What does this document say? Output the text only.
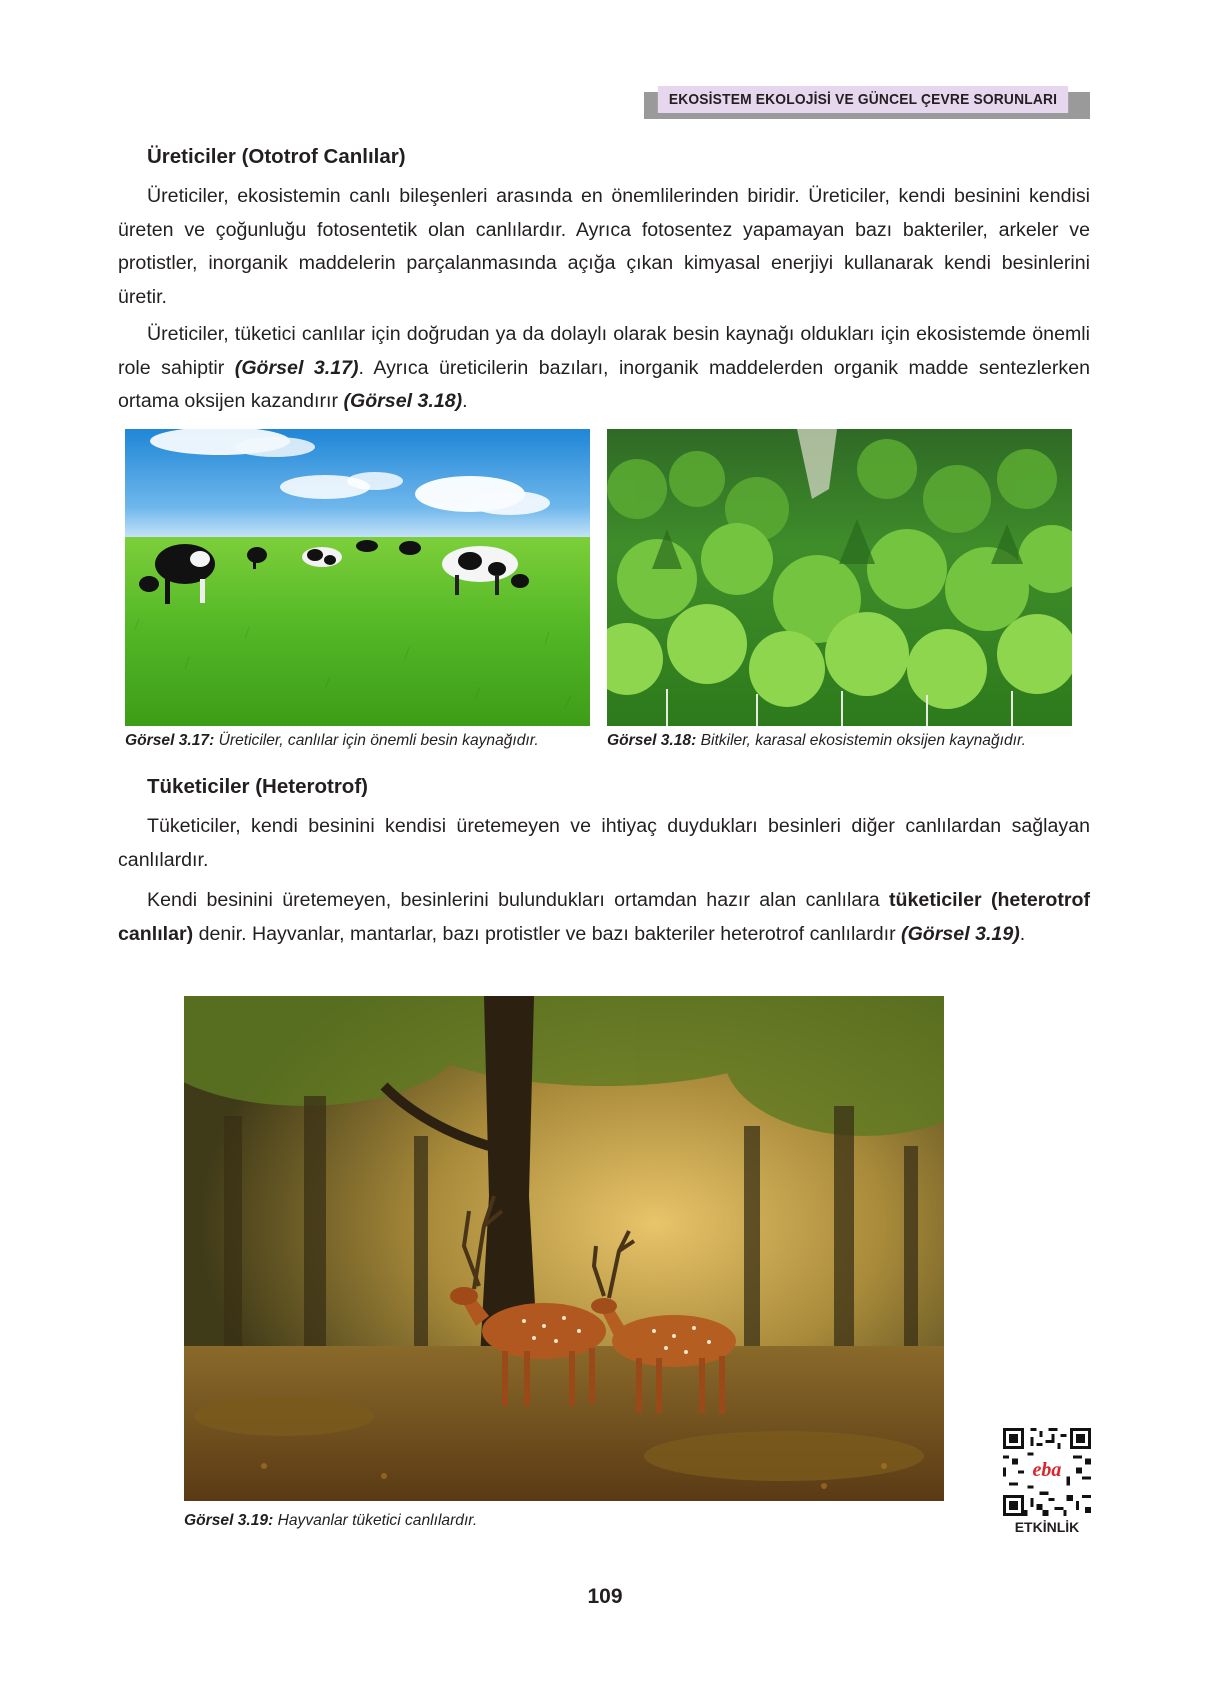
EKOSİSTEM EKOLOJİSİ VE GÜNCEL ÇEVRE SORUNLARI
Üreticiler (Ototrof Canlılar)

Üreticiler, ekosistemin canlı bileşenleri arasında en önemlilerinden biridir. Üreticiler, kendi besinini kendisi üreten ve çoğunluğu fotosentetik olan canlılardır. Ayrıca fotosentez yapamayan bazı bakteriler, arkeler ve protistler, inorganik maddelerin parçalanmasında açığa çıkan kimyasal enerjiyi kullanarak kendi besinlerini üretir.

Üreticiler, tüketici canlılar için doğrudan ya da dolaylı olarak besin kaynağı oldukları için ekosistemde önemli role sahiptir (Görsel 3.17). Ayrıca üreticilerin bazıları, inorganik maddelerden organik madde sentezlerken ortama oksijen kazandırır (Görsel 3.18).

Görsel 3.17: Üreticiler, canlılar için önemli besin kaynağıdır.	Görsel 3.18: Bitkiler, karasal ekosistemin oksijen kaynağıdır.
Tüketiciler (Heterotrof)

Tüketiciler, kendi besinini kendisi üretemeyen ve ihtiyaç duydukları besinleri diğer canlılardan sağlayan canlılardır.

Kendi besinini üretemeyen, besinlerini bulundukları ortamdan hazır alan canlılara tüketiciler (heterotrof canlılar) denir. Hayvanlar, mantarlar, bazı protistler ve bazı bakteriler heterotrof canlılardır (Görsel 3.19).

Görsel 3.19: Hayvanlar tüketici canlılardır.
eba
ETKİNLİK
109
